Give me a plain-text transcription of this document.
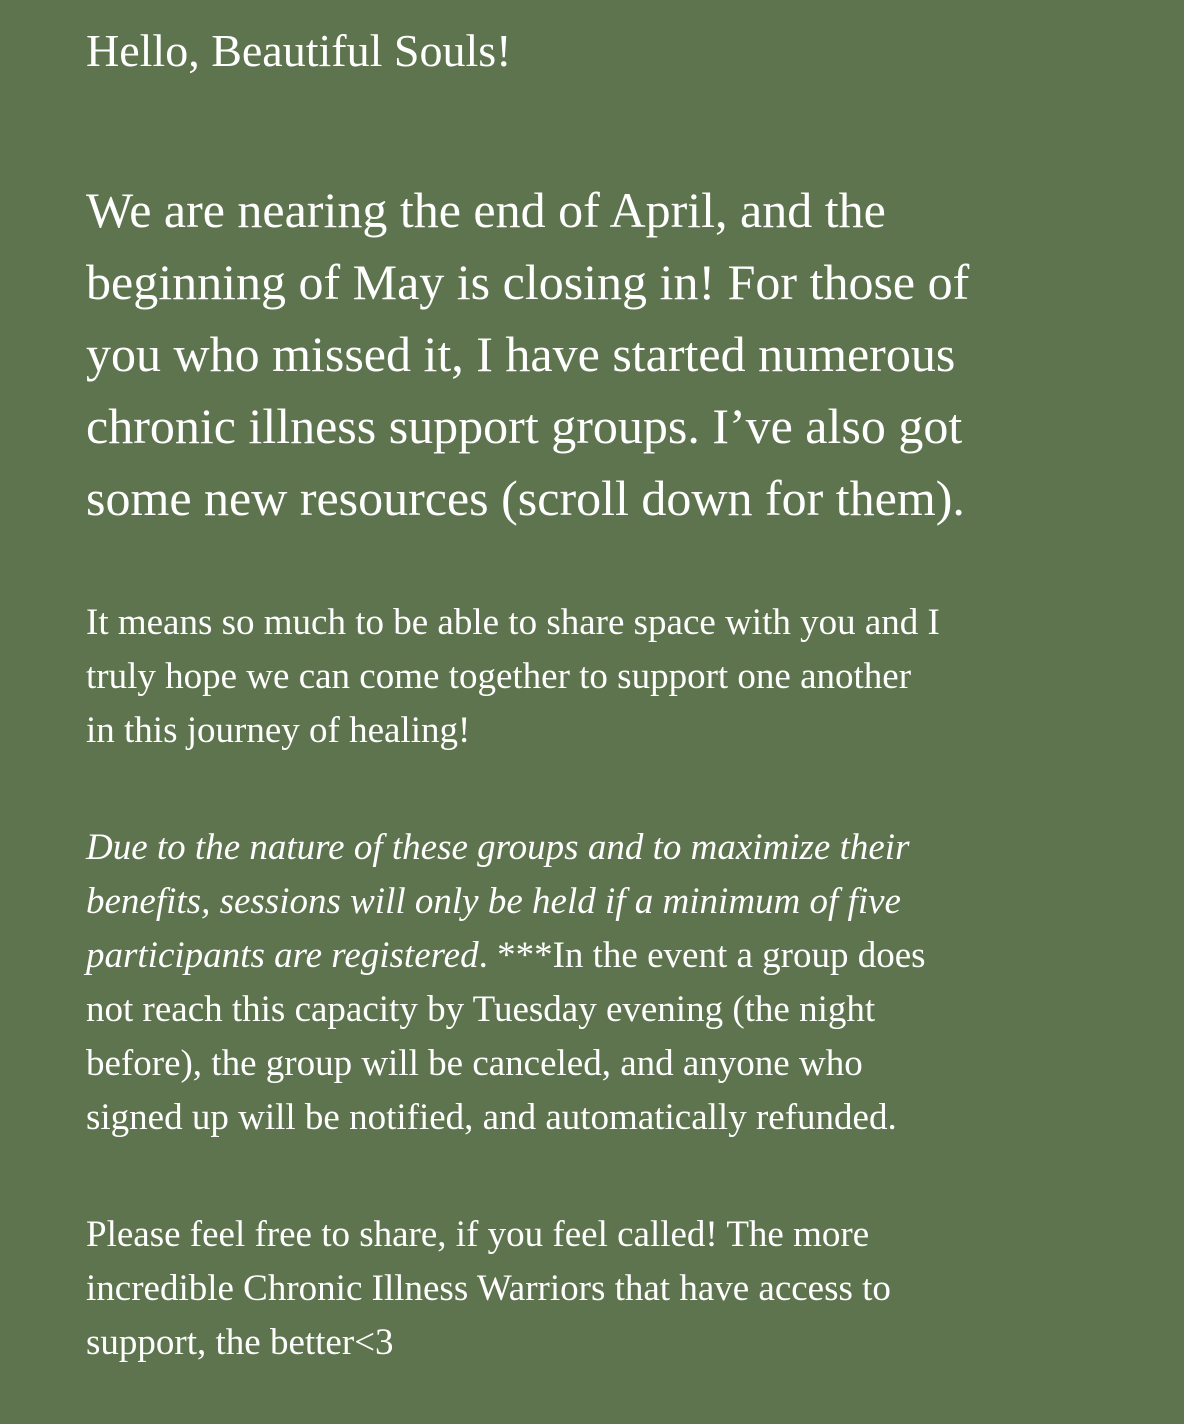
Hello, Beautiful Souls!

We are nearing the end of April, and the
beginning of May is closing in! For those of
you who missed it, I have started numerous
chronic illness support groups. I’ve also got
some new resources (scroll down for them).

It means so much to be able to share space with you and I
truly hope we can come together to support one another
in this journey of healing!

Due to the nature of these groups and to maximize their
benefits, sessions will only be held if a minimum of five
participants are registered. ***In the event a group does
not reach this capacity by Tuesday evening (the night
before), the group will be canceled, and anyone who
signed up will be notified, and automatically refunded.

Please feel free to share, if you feel called! The more
incredible Chronic Illness Warriors that have access to
support, the better<3
